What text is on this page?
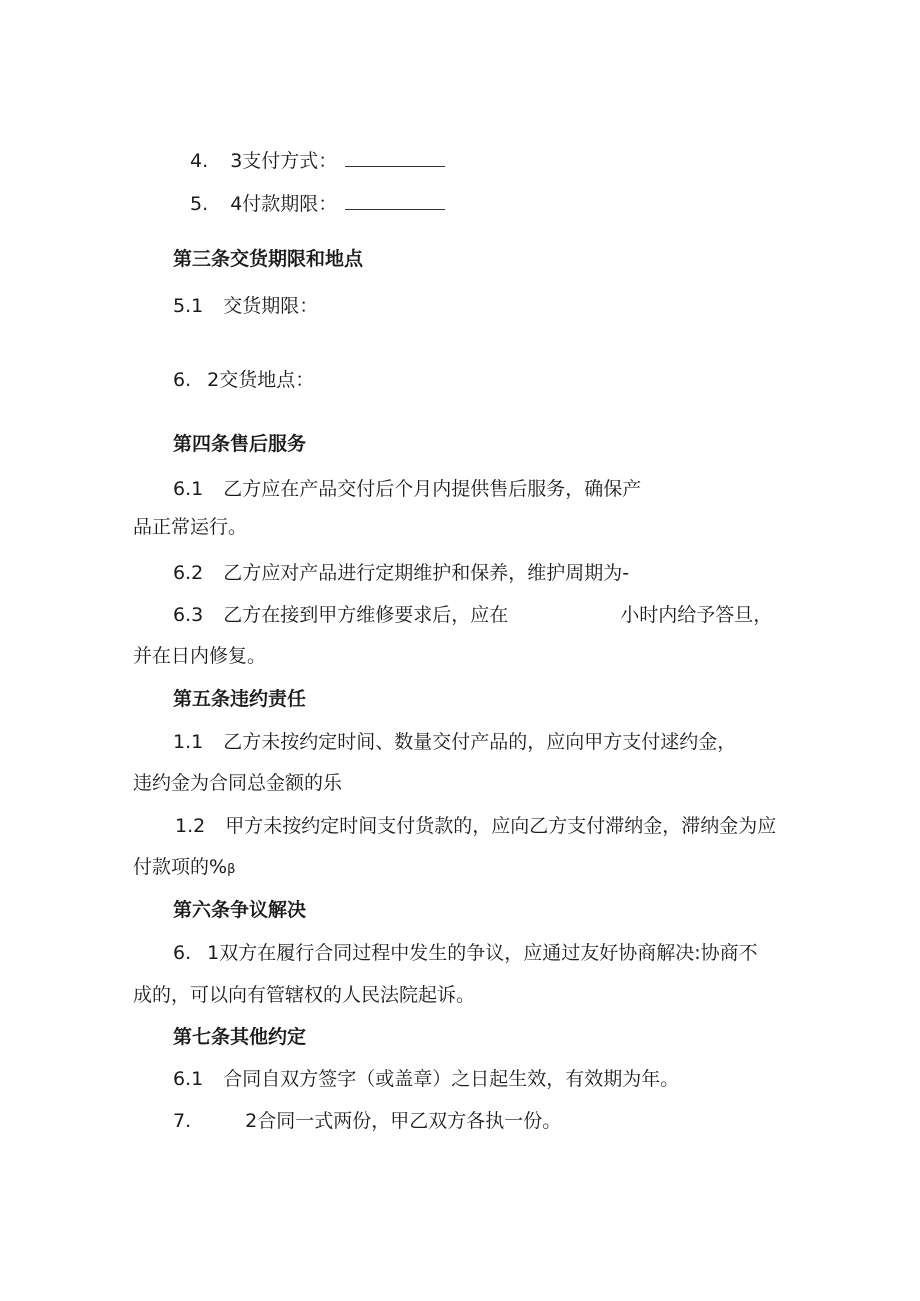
4. 3支付方式：
5. 4付款期限：
第三条交货期限和地点
5.1 交货期限：
6. 2交货地点：
第四条售后服务
6.1 乙方应在产品交付后个月内提供售后服务，确保产
品正常运行。
6.2 乙方应对产品进行定期维护和保养，维护周期为-
6.3 乙方在接到甲方维修要求后，应在	小时内给予答旦，
并在日内修复。
第五条违约责任
1.1 乙方未按约定时间、数量交付产品的，应向甲方支付逑约金，
违约金为合同总金额的乐
1.2 甲方未按约定时间支付货款的，应向乙方支付滞纳金，滞纳金为应
付款项的%β
第六条争议解决
6. 1双方在履行合同过程中发生的争议，应通过友好协商解决:协商不
成的，可以向有管辖权的人民法院起诉。
第七条其他约定
6.1 合同自双方签字（或盖章）之日起生效，有效期为年。
7.	2合同一式两份，甲乙双方各执一份。
